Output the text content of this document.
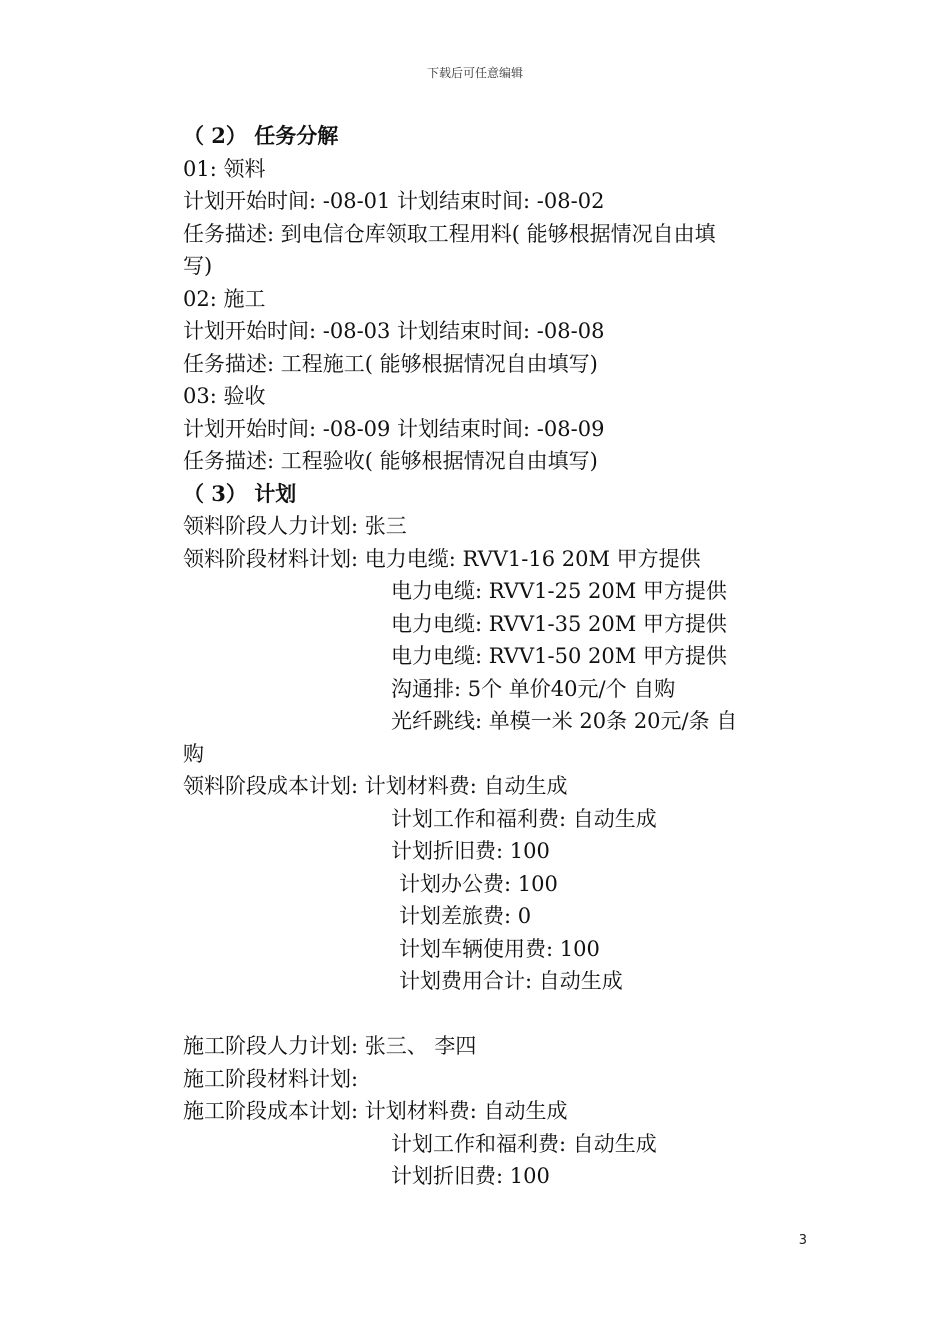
下载后可任意编辑
（ 2） 任务分解
01: 领料
计划开始时间: -08-01 计划结束时间: -08-02
任务描述: 到电信仓库领取工程用料( 能够根据情况自由填
写)
02: 施工
计划开始时间: -08-03 计划结束时间: -08-08
任务描述: 工程施工( 能够根据情况自由填写)
03: 验收
计划开始时间: -08-09 计划结束时间: -08-09
任务描述: 工程验收( 能够根据情况自由填写)
（ 3） 计划
领料阶段人力计划: 张三
领料阶段材料计划: 电力电缆: RVV1-16 20M 甲方提供
电力电缆: RVV1-25 20M 甲方提供
电力电缆: RVV1-35 20M 甲方提供
电力电缆: RVV1-50 20M 甲方提供
沟通排: 5个 单价40元/个 自购
光纤跳线: 单模一米 20条 20元/条 自
购
领料阶段成本计划: 计划材料费: 自动生成
计划工作和福利费: 自动生成
计划折旧费: 100
计划办公费: 100
计划差旅费: 0
计划车辆使用费: 100
计划费用合计: 自动生成
施工阶段人力计划: 张三、 李四
施工阶段材料计划:
施工阶段成本计划: 计划材料费: 自动生成
计划工作和福利费: 自动生成
计划折旧费: 100
3
